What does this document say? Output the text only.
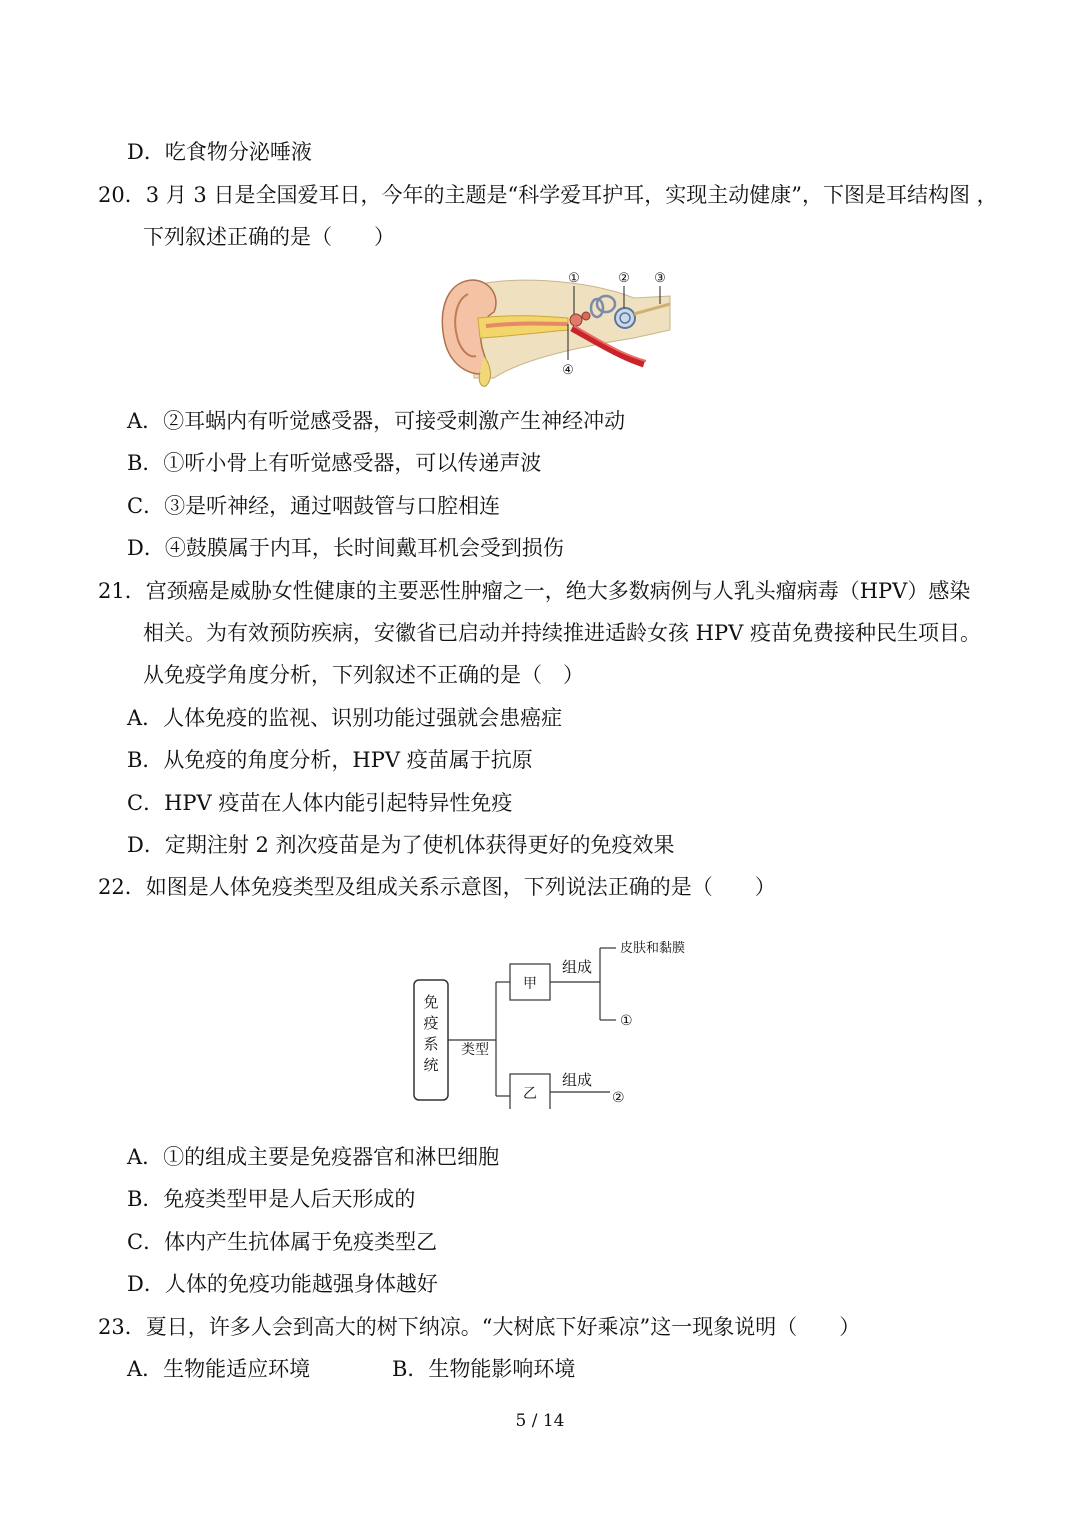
D．吃食物分泌唾液
20．3 月 3 日是全国爱耳日，今年的主题是“科学爱耳护耳，实现主动健康”，下图是耳结构图 ，
下列叙述正确的是（　　）
①	② ③
④
A．②耳蜗内有听觉感受器，可接受刺激产生神经冲动
B．①听小骨上有听觉感受器，可以传递声波
C．③是听神经，通过咽鼓管与口腔相连
D．④鼓膜属于内耳，长时间戴耳机会受到损伤
21．宫颈癌是威胁女性健康的主要恶性肿瘤之一，绝大多数病例与人乳头瘤病毒（HPV）感染
相关。为有效预防疾病，安徽省已启动并持续推进适龄女孩 HPV 疫苗免费接种民生项目。
从免疫学角度分析，下列叙述不正确的是（　）
A．人体免疫的监视、识别功能过强就会患癌症
B．从免疫的角度分析，HPV 疫苗属于抗原
C．HPV 疫苗在人体内能引起特异性免疫
D．定期注射 2 剂次疫苗是为了使机体获得更好的免疫效果
22．如图是人体免疫类型及组成关系示意图，下列说法正确的是（　　）
免
疫
系
统
类型
甲
组成
皮肤和黏膜
①
乙
组成
②
A．①的组成主要是免疫器官和淋巴细胞
B．免疫类型甲是人后天形成的
C．体内产生抗体属于免疫类型乙
D．人体的免疫功能越强身体越好
23．夏日，许多人会到高大的树下纳凉。“大树底下好乘凉”这一现象说明（　　）
A．生物能适应环境	B．生物能影响环境
5 / 14
